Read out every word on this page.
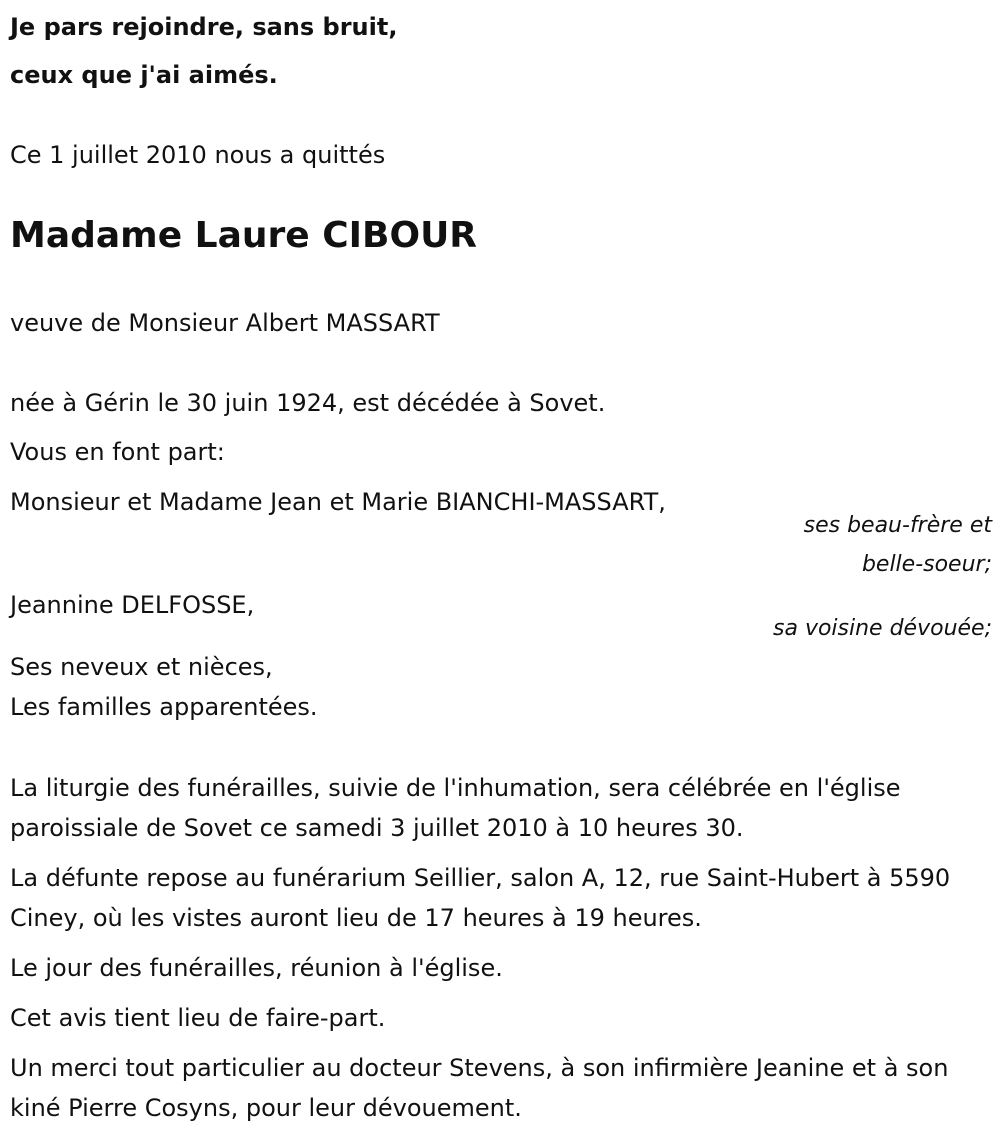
Je pars rejoindre, sans bruit,
ceux que j'ai aimés.
Ce 1 juillet 2010 nous a quittés
Madame Laure CIBOUR
veuve de Monsieur Albert MASSART
née à Gérin le 30 juin 1924, est décédée à Sovet.
Vous en font part:
Monsieur et Madame Jean et Marie BIANCHI-MASSART,
ses beau-frère et
belle-soeur;
Jeannine DELFOSSE,
sa voisine dévouée;
Ses neveux et nièces,
Les familles apparentées.
La liturgie des funérailles, suivie de l'inhumation, sera célébrée en l'église paroissiale de Sovet ce samedi 3 juillet 2010 à 10 heures 30.
La défunte repose au funérarium Seillier, salon A, 12, rue Saint-Hubert à 5590 Ciney, où les vistes auront lieu de 17 heures à 19 heures.
Le jour des funérailles, réunion à l'église.
Cet avis tient lieu de faire-part.
Un merci tout particulier au docteur Stevens, à son infirmière Jeanine et à son kiné Pierre Cosyns, pour leur dévouement.
